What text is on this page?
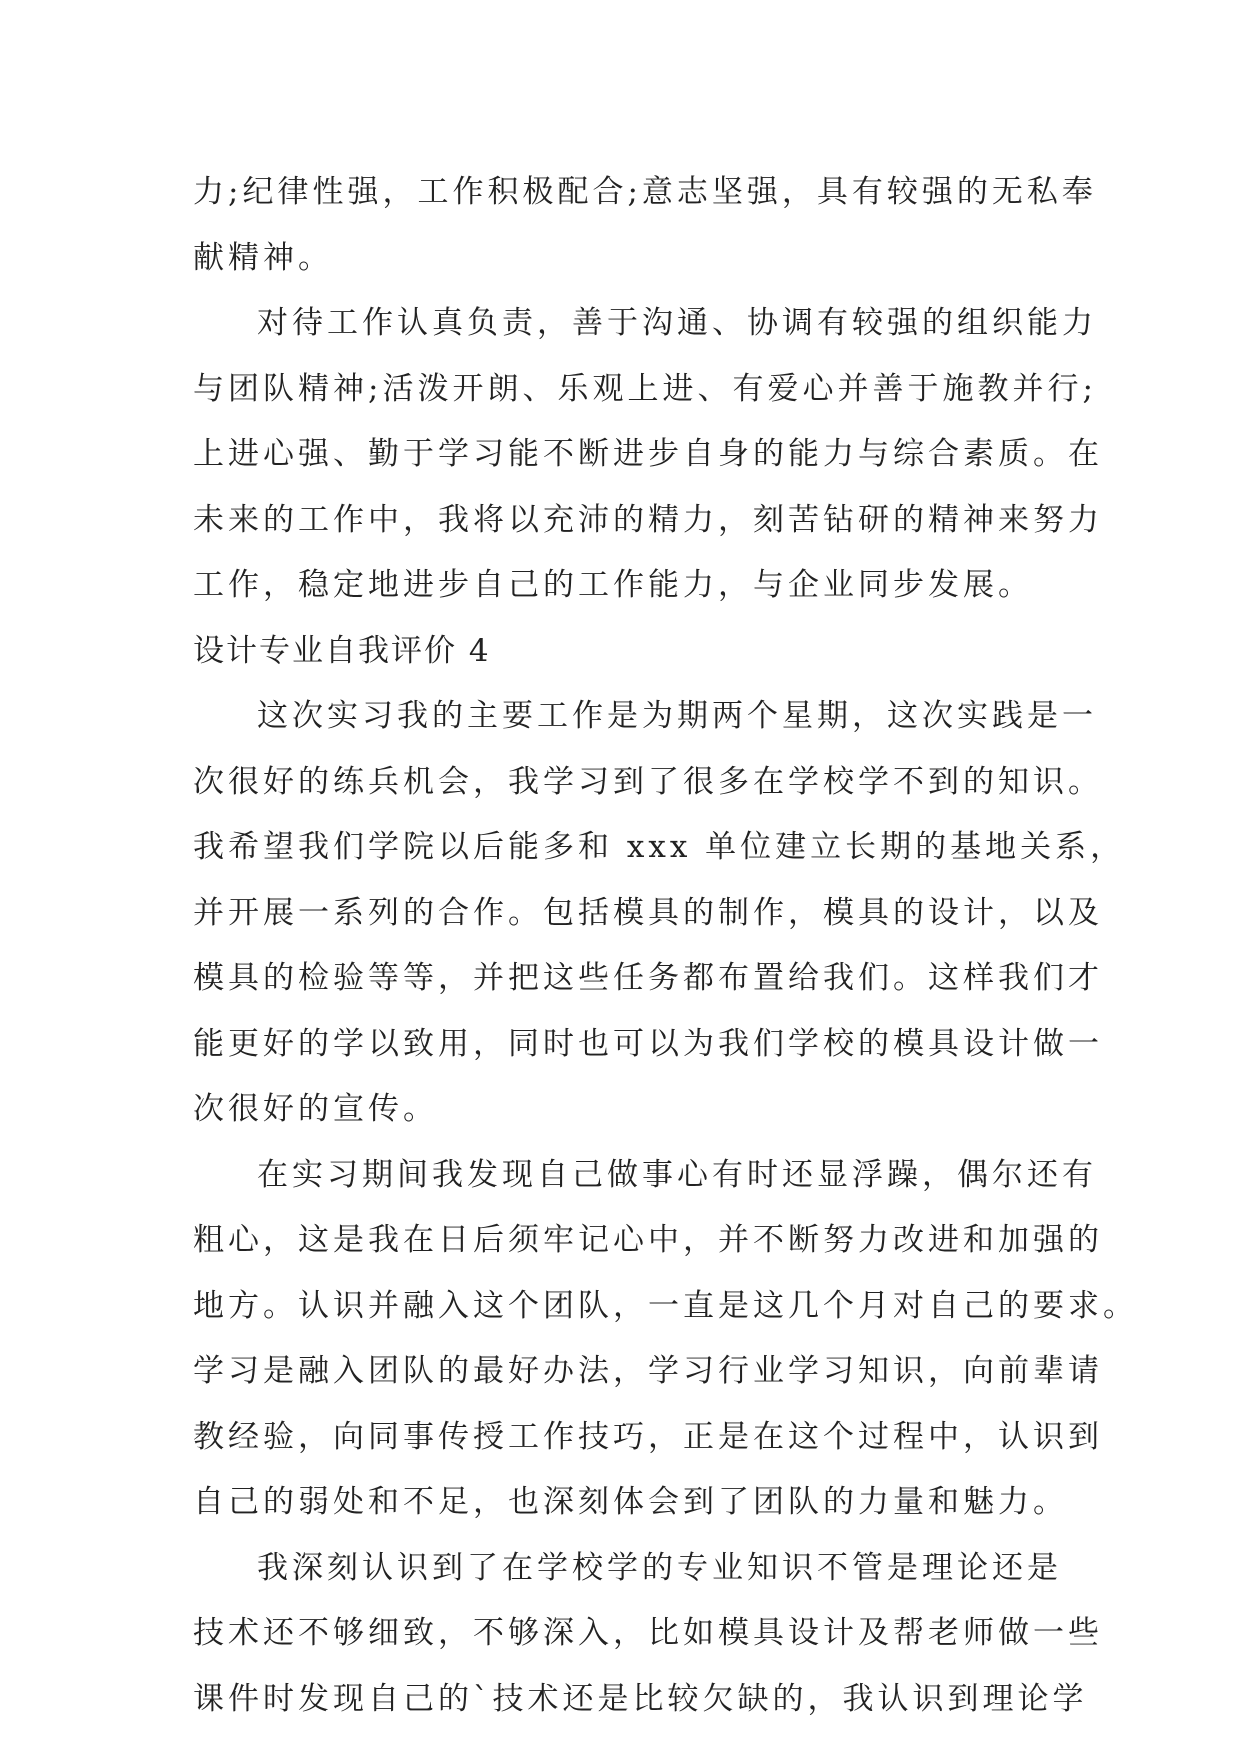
力;纪律性强，工作积极配合;意志坚强，具有较强的无私奉
献精神。
对待工作认真负责，善于沟通、协调有较强的组织能力
与团队精神;活泼开朗、乐观上进、有爱心并善于施教并行;
上进心强、勤于学习能不断进步自身的能力与综合素质。在
未来的工作中，我将以充沛的精力，刻苦钻研的精神来努力
工作，稳定地进步自己的工作能力，与企业同步发展。
设计专业自我评价 4
这次实习我的主要工作是为期两个星期，这次实践是一
次很好的练兵机会，我学习到了很多在学校学不到的知识。
我希望我们学院以后能多和 xxx 单位建立长期的基地关系，
并开展一系列的合作。包括模具的制作，模具的设计，以及
模具的检验等等，并把这些任务都布置给我们。这样我们才
能更好的学以致用，同时也可以为我们学校的模具设计做一
次很好的宣传。
在实习期间我发现自己做事心有时还显浮躁，偶尔还有
粗心，这是我在日后须牢记心中，并不断努力改进和加强的
地方。认识并融入这个团队，一直是这几个月对自己的要求。
学习是融入团队的最好办法，学习行业学习知识，向前辈请
教经验，向同事传授工作技巧，正是在这个过程中，认识到
自己的弱处和不足，也深刻体会到了团队的力量和魅力。
我深刻认识到了在学校学的专业知识不管是理论还是
技术还不够细致，不够深入，比如模具设计及帮老师做一些
课件时发现自己的`技术还是比较欠缺的，我认识到理论学
